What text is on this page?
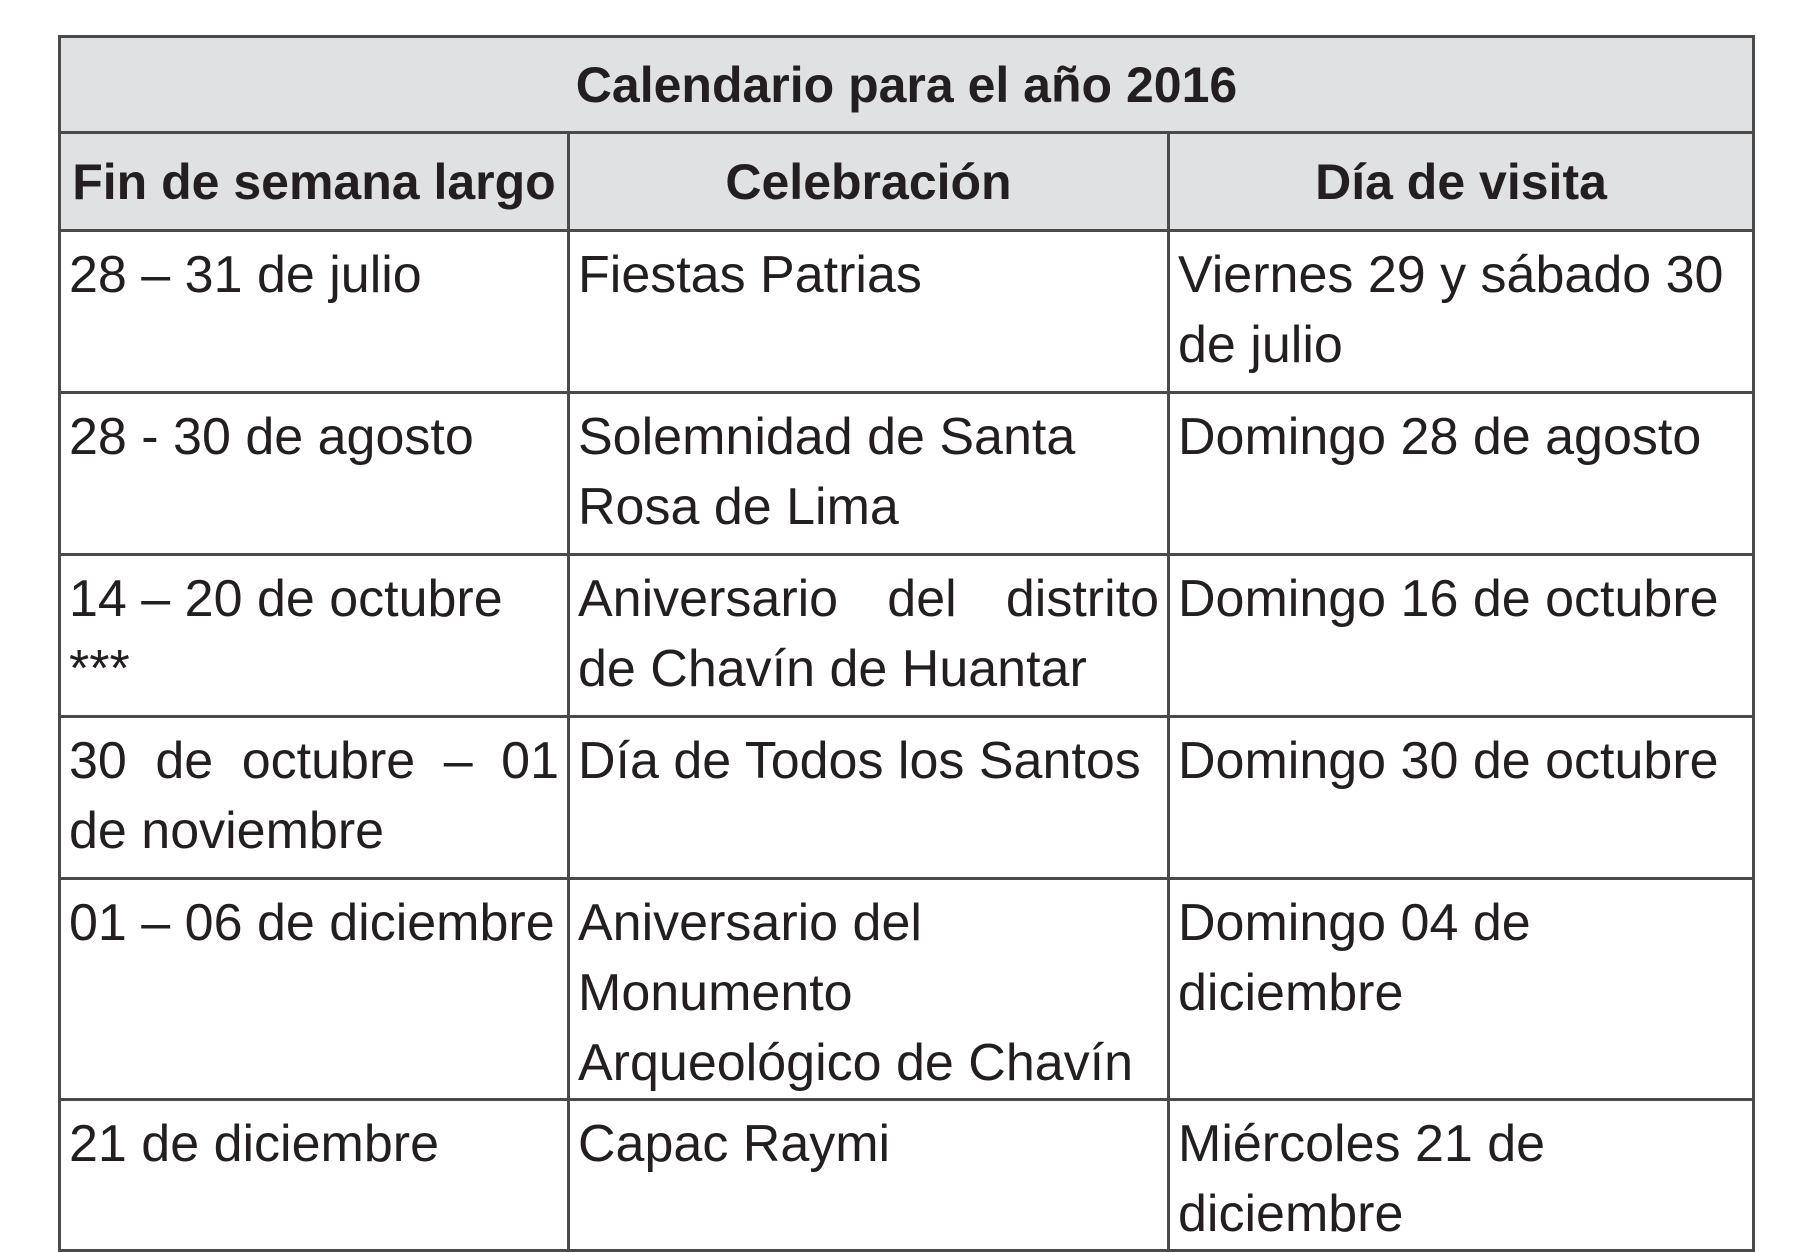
Calendario para el año 2016		
Fin de semana largo	Celebración	Día de visita
28 – 31 de julio	Fiestas Patrias	Viernes 29 y sábado 30 de julio
28 - 30 de agosto	Solemnidad de Santa Rosa de Lima	Domingo 28 de agosto
14 – 20 de octubre ***	Aniversario del distrito de Chavín de Huantar	Domingo 16 de octubre
30 de octubre – 01 de noviembre	Día de Todos los Santos	Domingo 30 de octubre
01 – 06 de diciembre	Aniversario del Monumento Arqueológico de Chavín	Domingo 04 de diciembre
21 de diciembre	Capac Raymi	Miércoles 21 de diciembre
